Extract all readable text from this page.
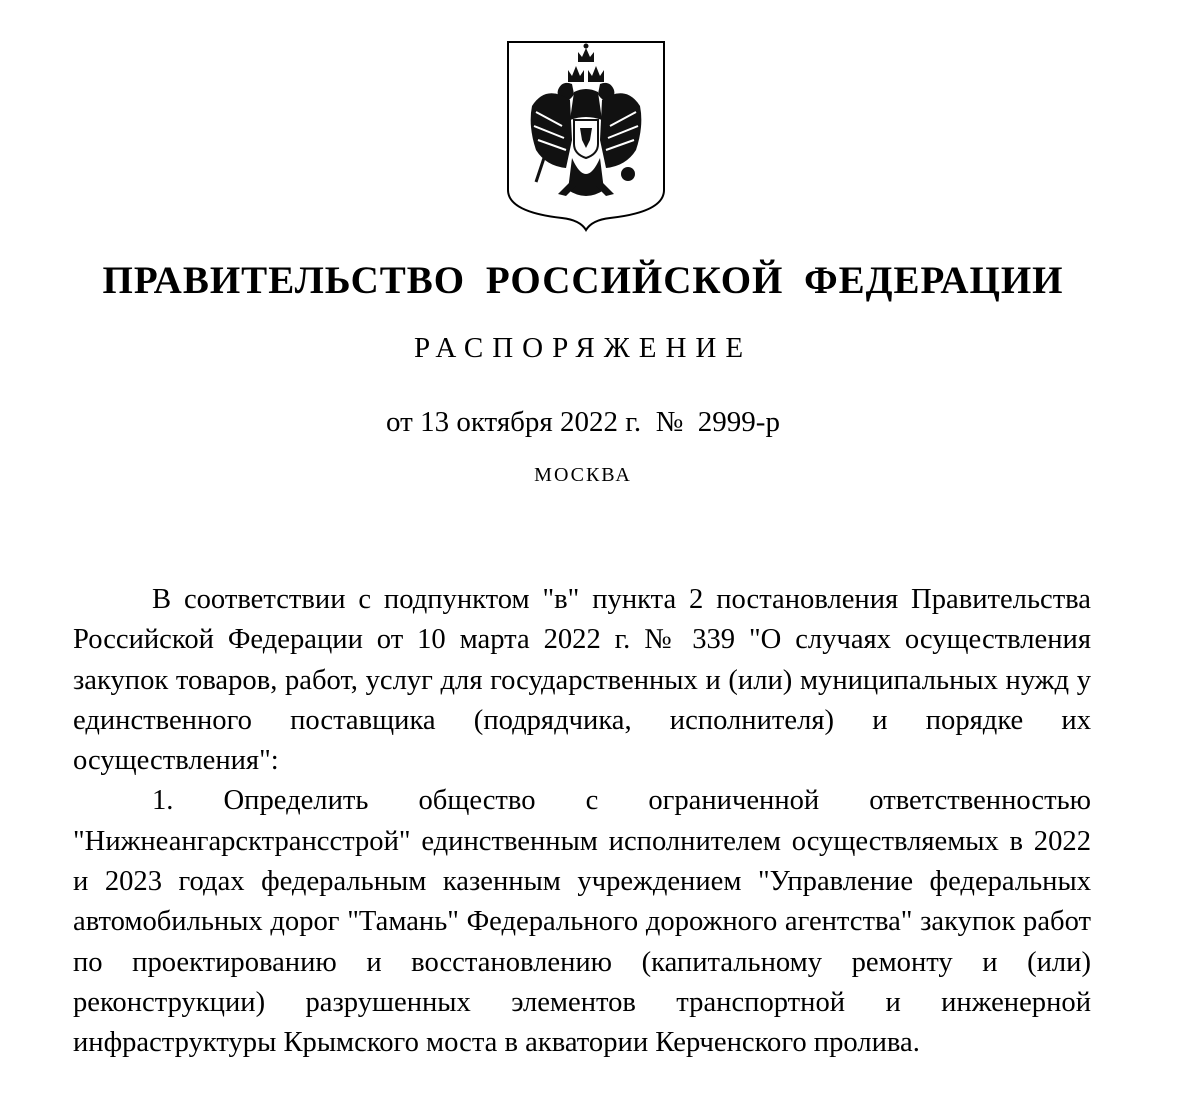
ПРАВИТЕЛЬСТВО РОССИЙСКОЙ ФЕДЕРАЦИИ
РАСПОРЯЖЕНИЕ
от 13 октября 2022 г.  №  2999-р
МОСКВА

В соответствии с подпунктом "в" пункта 2 постановления Правительства Российской Федерации от 10 марта 2022 г. № 339 "О случаях осуществления закупок товаров, работ, услуг для государственных и (или) муниципальных нужд у единственного поставщика (подрядчика, исполнителя) и порядке их осуществления":

1. Определить общество с ограниченной ответственностью "Нижнеангарсктрансстрой" единственным исполнителем осуществляемых в 2022 и 2023 годах федеральным казенным учреждением "Управление федеральных автомобильных дорог "Тамань" Федерального дорожного агентства" закупок работ по проектированию и восстановлению (капитальному ремонту и (или) реконструкции) разрушенных элементов транспортной и инженерной инфраструктуры Крымского моста в акватории Керченского пролива.
